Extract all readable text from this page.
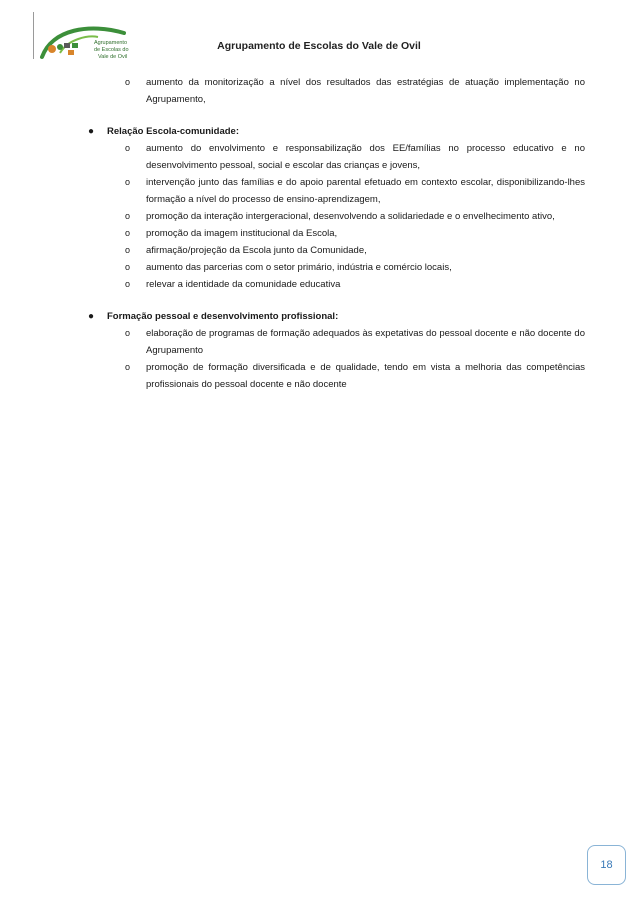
Agrupamento
de Escolas do
Vale de Ovil
Agrupamento de Escolas do Vale de Ovil
o aumento da monitorização a nível dos resultados das estratégias de atuação implementação no Agrupamento,
● Relação Escola-comunidade:
o aumento do envolvimento e responsabilização dos EE/famílias no processo educativo e no desenvolvimento pessoal, social e escolar das crianças e jovens,
o intervenção junto das famílias e do apoio parental efetuado em contexto escolar, disponibilizando-lhes formação a nível do processo de ensino-aprendizagem,
o promoção da interação intergeracional, desenvolvendo a solidariedade e o envelhecimento ativo,
o promoção da imagem institucional da Escola,
o afirmação/projeção da Escola junto da Comunidade,
o aumento das parcerias com o setor primário, indústria e comércio locais,
o relevar a identidade da comunidade educativa
● Formação pessoal e desenvolvimento profissional:
o elaboração de programas de formação adequados às expetativas do pessoal docente e não docente do Agrupamento
o promoção de formação diversificada e de qualidade, tendo em vista a melhoria das competências profissionais do pessoal docente e não docente
18
